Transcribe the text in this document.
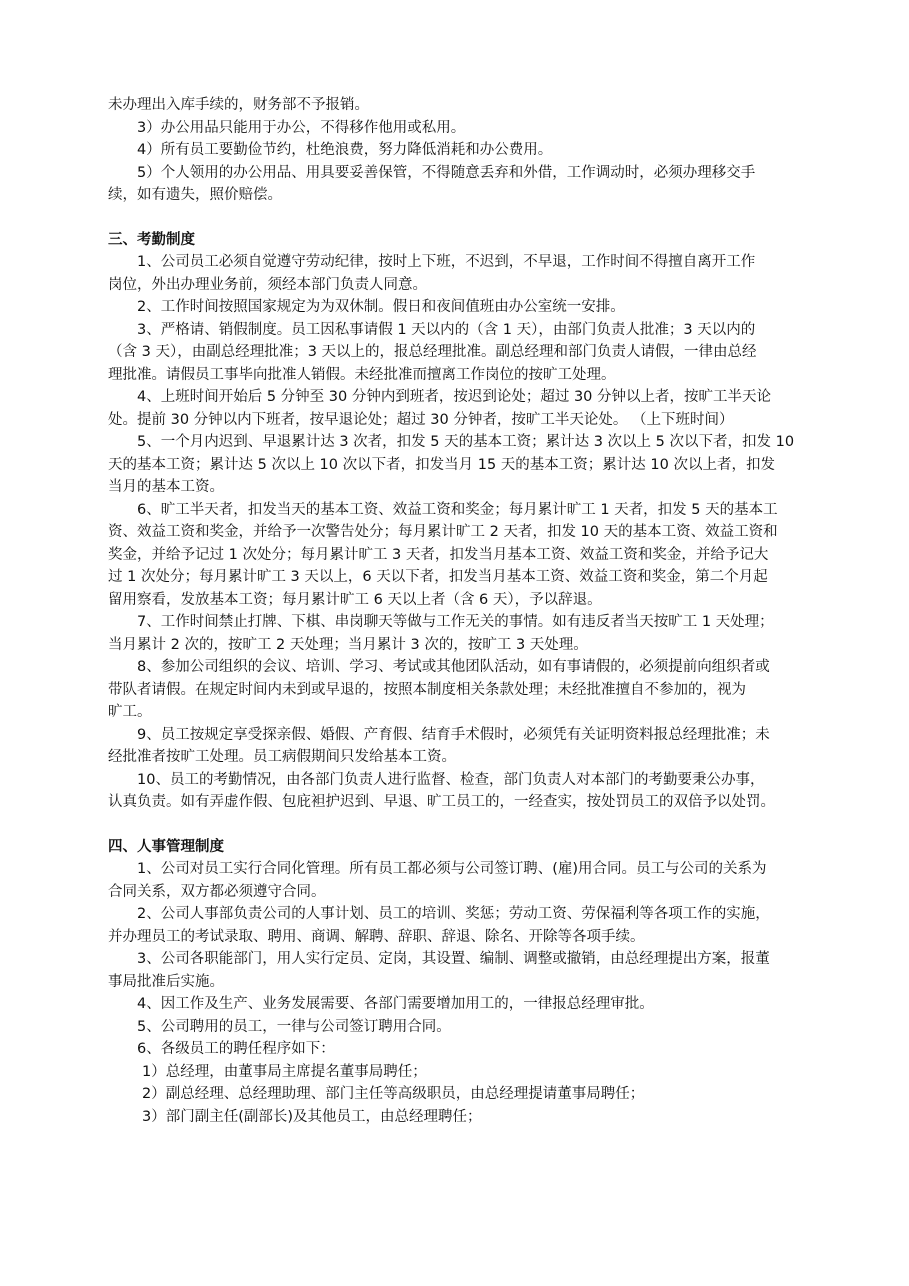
未办理出入库手续的，财务部不予报销。

3）办公用品只能用于办公，不得移作他用或私用。

4）所有员工要勤俭节约，杜绝浪费，努力降低消耗和办公费用。

5）个人领用的办公用品、用具要妥善保管，不得随意丢弃和外借，工作调动时，必须办理移交手

续，如有遗失，照价赔偿。

三、考勤制度

1、公司员工必须自觉遵守劳动纪律，按时上下班，不迟到，不早退，工作时间不得擅自离开工作

岗位，外出办理业务前，须经本部门负责人同意。

2、工作时间按照国家规定为为双休制。假日和夜间值班由办公室统一安排。

3、严格请、销假制度。员工因私事请假 1 天以内的（含 1 天），由部门负责人批准；3 天以内的

（含 3 天），由副总经理批准；3 天以上的，报总经理批准。副总经理和部门负责人请假，一律由总经

理批准。请假员工事毕向批准人销假。未经批准而擅离工作岗位的按旷工处理。

4、上班时间开始后 5 分钟至 30 分钟内到班者，按迟到论处；超过 30 分钟以上者，按旷工半天论

处。提前 30 分钟以内下班者，按早退论处；超过 30 分钟者，按旷工半天论处。 （上下班时间）

5、一个月内迟到、早退累计达 3 次者，扣发 5 天的基本工资；累计达 3 次以上 5 次以下者，扣发 10

天的基本工资；累计达 5 次以上 10 次以下者，扣发当月 15 天的基本工资；累计达 10 次以上者，扣发

当月的基本工资。

6、旷工半天者，扣发当天的基本工资、效益工资和奖金；每月累计旷工 1 天者，扣发 5 天的基本工

资、效益工资和奖金，并给予一次警告处分；每月累计旷工 2 天者，扣发 10 天的基本工资、效益工资和

奖金，并给予记过 1 次处分；每月累计旷工 3 天者，扣发当月基本工资、效益工资和奖金，并给予记大

过 1 次处分；每月累计旷工 3 天以上，6 天以下者，扣发当月基本工资、效益工资和奖金，第二个月起

留用察看，发放基本工资；每月累计旷工 6 天以上者（含 6 天），予以辞退。

7、工作时间禁止打牌、下棋、串岗聊天等做与工作无关的事情。如有违反者当天按旷工 1 天处理；

当月累计 2 次的，按旷工 2 天处理；当月累计 3 次的，按旷工 3 天处理。

8、参加公司组织的会议、培训、学习、考试或其他团队活动，如有事请假的，必须提前向组织者或

带队者请假。在规定时间内未到或早退的，按照本制度相关条款处理；未经批准擅自不参加的，视为

旷工。

9、员工按规定享受探亲假、婚假、产育假、结育手术假时，必须凭有关证明资料报总经理批准；未

经批准者按旷工处理。员工病假期间只发给基本工资。

10、员工的考勤情况，由各部门负责人进行监督、检查，部门负责人对本部门的考勤要秉公办事，

认真负责。如有弄虚作假、包庇袒护迟到、早退、旷工员工的，一经查实，按处罚员工的双倍予以处罚。

四、人事管理制度

1、公司对员工实行合同化管理。所有员工都必须与公司签订聘、(雇)用合同。员工与公司的关系为

合同关系，双方都必须遵守合同。

2、公司人事部负责公司的人事计划、员工的培训、奖惩；劳动工资、劳保福利等各项工作的实施，

并办理员工的考试录取、聘用、商调、解聘、辞职、辞退、除名、开除等各项手续。

3、公司各职能部门，用人实行定员、定岗，其设置、编制、调整或撤销，由总经理提出方案，报董

事局批准后实施。

4、因工作及生产、业务发展需要、各部门需要增加用工的，一律报总经理审批。

5、公司聘用的员工，一律与公司签订聘用合同。

6、各级员工的聘任程序如下：

1）总经理，由董事局主席提名董事局聘任；

2）副总经理、总经理助理、部门主任等高级职员，由总经理提请董事局聘任；

3）部门副主任(副部长)及其他员工，由总经理聘任；
